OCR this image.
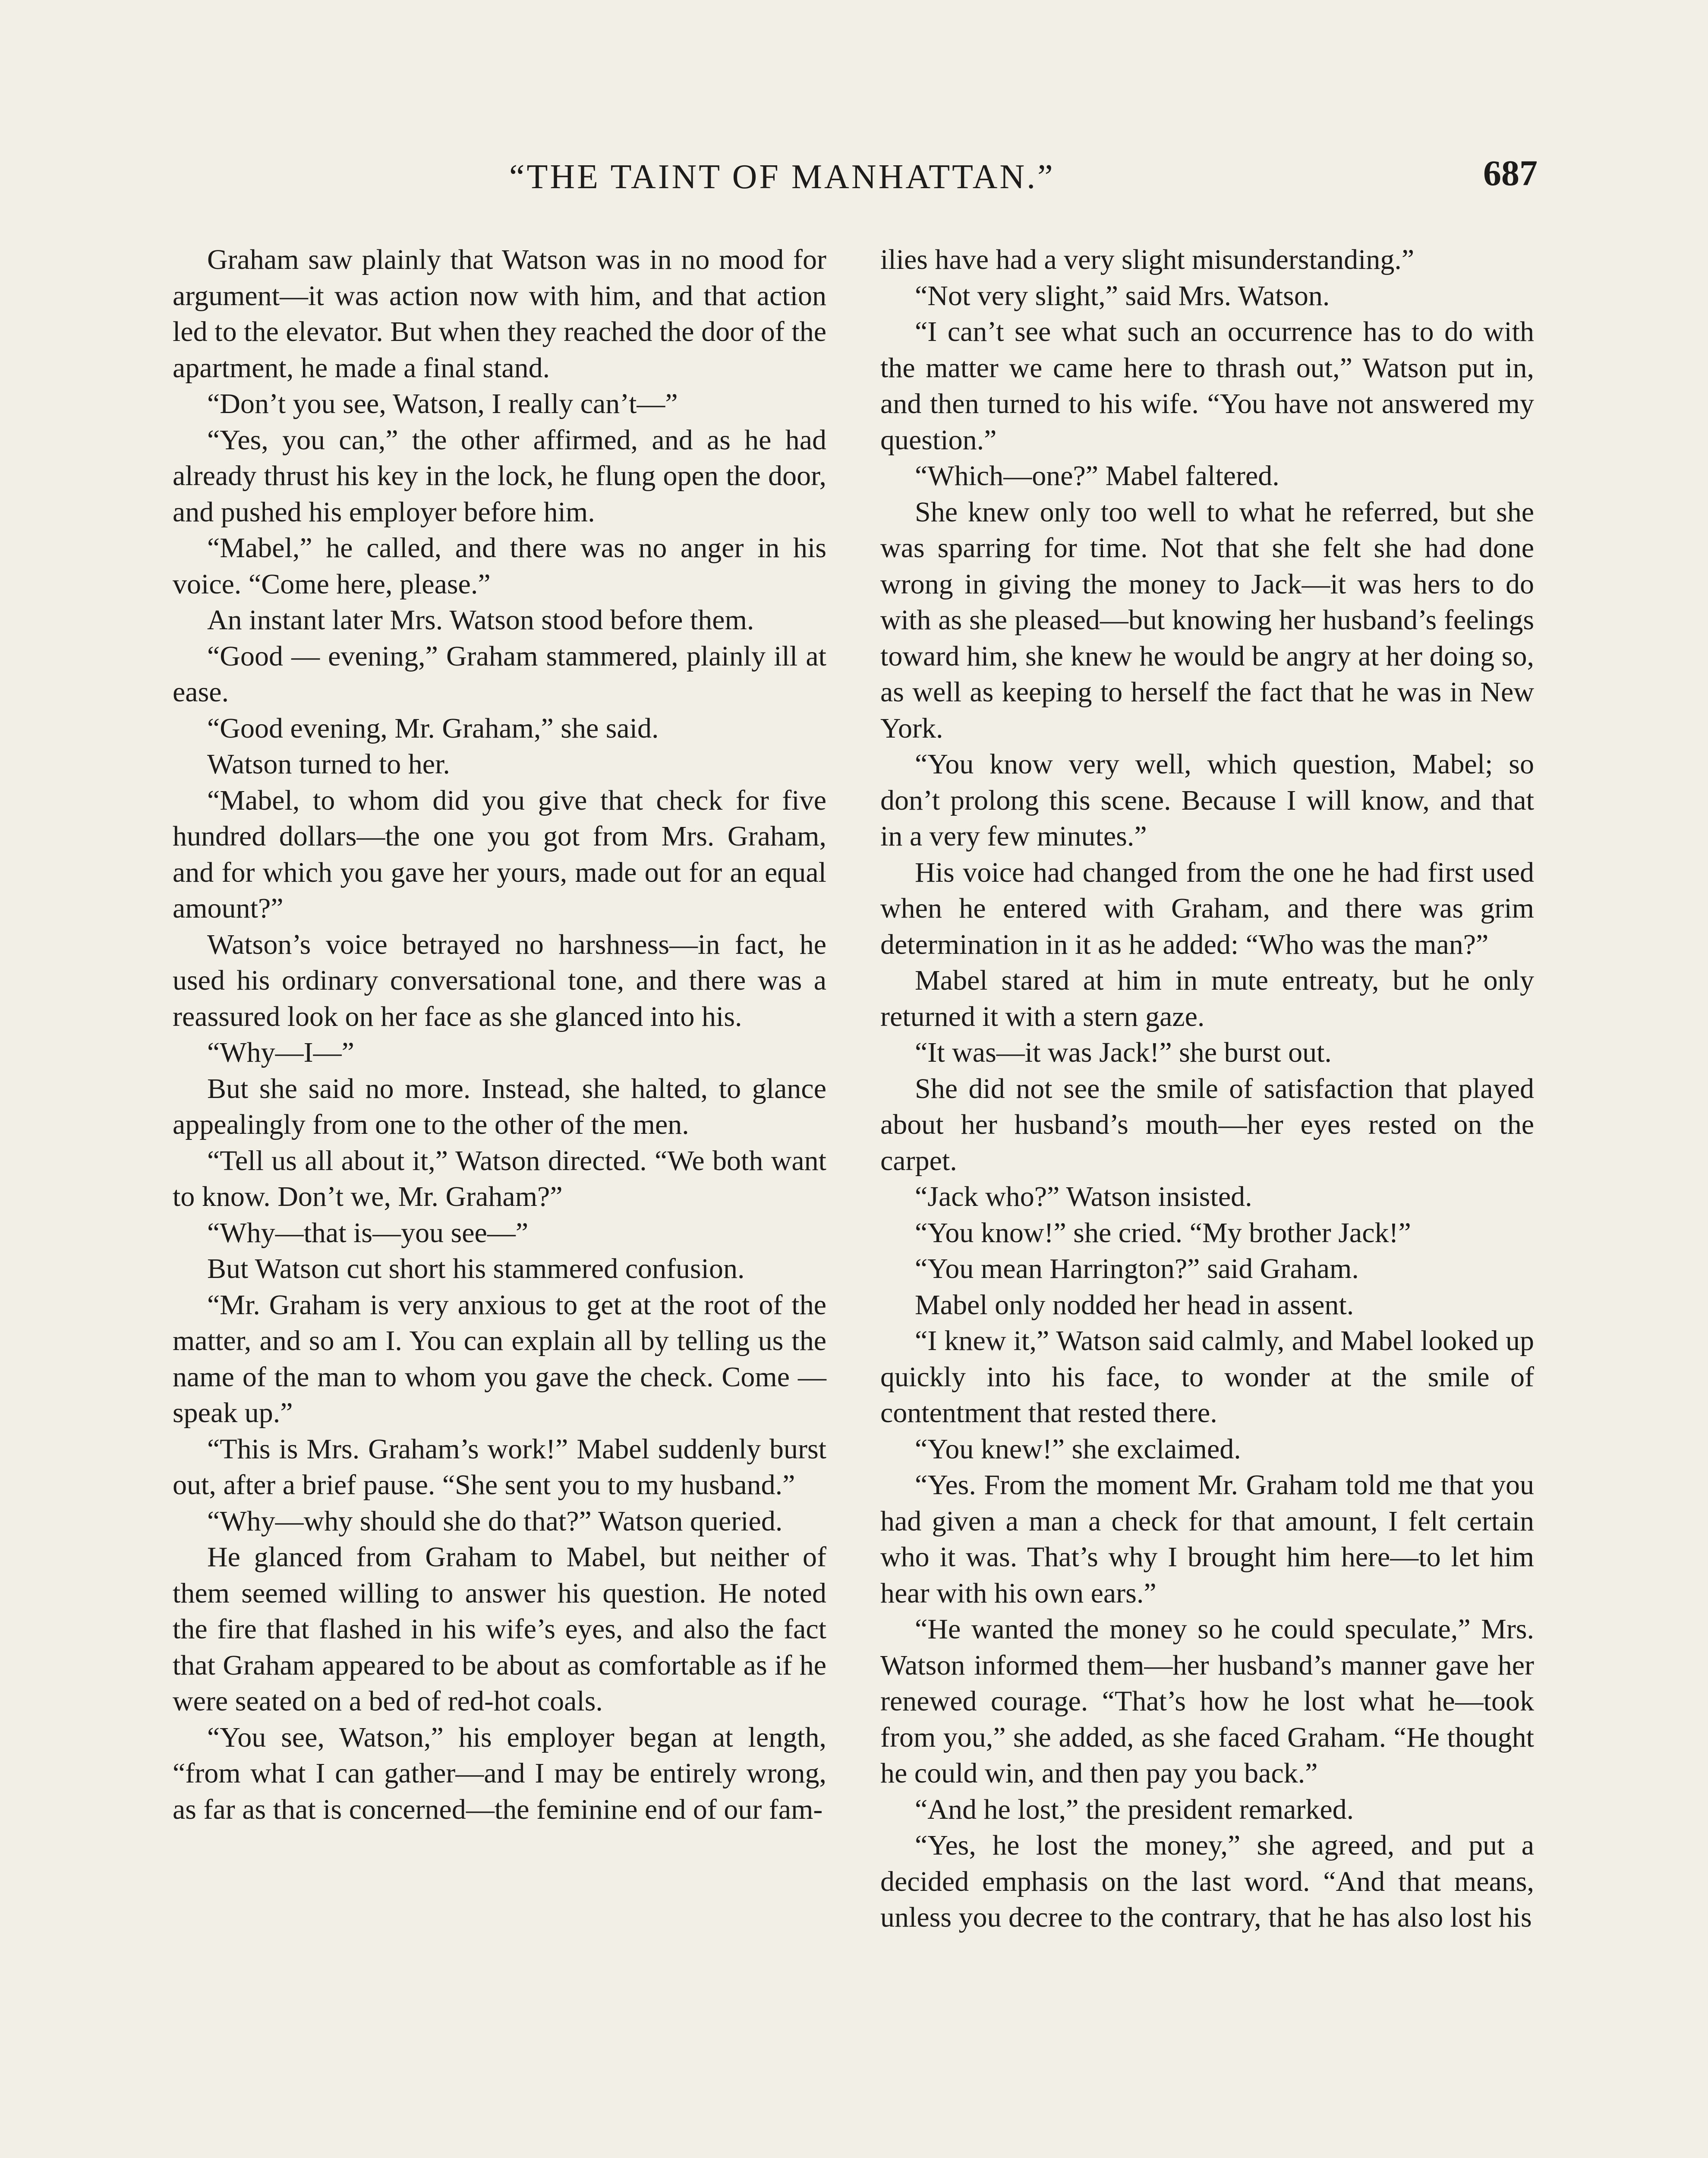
“THE TAINT OF MANHATTAN.”	687

Graham saw plainly that Watson was in no mood for argument—it was action now with him, and that action led to the elevator. But when they reached the door of the apartment, he made a final stand.

“Don’t you see, Watson, I really can’t—”

“Yes, you can,” the other affirmed, and as he had already thrust his key in the lock, he flung open the door, and pushed his employer before him.

“Mabel,” he called, and there was no anger in his voice. “Come here, please.”

An instant later Mrs. Watson stood before them.

“Good — evening,” Graham stammered, plainly ill at ease.

“Good evening, Mr. Graham,” she said.

Watson turned to her.

“Mabel, to whom did you give that check for five hundred dollars—the one you got from Mrs. Graham, and for which you gave her yours, made out for an equal amount?”

Watson’s voice betrayed no harshness—in fact, he used his ordinary conversational tone, and there was a reassured look on her face as she glanced into his.

“Why—I—”

But she said no more. Instead, she halted, to glance appealingly from one to the other of the men.

“Tell us all about it,” Watson directed. “We both want to know. Don’t we, Mr. Graham?”

“Why—that is—you see—”

But Watson cut short his stammered confusion.

“Mr. Graham is very anxious to get at the root of the matter, and so am I. You can explain all by telling us the name of the man to whom you gave the check. Come —speak up.”

“This is Mrs. Graham’s work!” Mabel suddenly burst out, after a brief pause. “She sent you to my husband.”

“Why—why should she do that?” Watson queried.

He glanced from Graham to Mabel, but neither of them seemed willing to answer his question. He noted the fire that flashed in his wife’s eyes, and also the fact that Graham appeared to be about as comfortable as if he were seated on a bed of red-hot coals.

“You see, Watson,” his employer began at length, “from what I can gather—and I may be entirely wrong, as far as that is concerned—the feminine end of our fam-

ilies have had a very slight misunderstanding.”

“Not very slight,” said Mrs. Watson.

“I can’t see what such an occurrence has to do with the matter we came here to thrash out,” Watson put in, and then turned to his wife. “You have not answered my question.”

“Which—one?” Mabel faltered.

She knew only too well to what he referred, but she was sparring for time. Not that she felt she had done wrong in giving the money to Jack—it was hers to do with as she pleased—but knowing her husband’s feelings toward him, she knew he would be angry at her doing so, as well as keeping to herself the fact that he was in New York.

“You know very well, which question, Mabel; so don’t prolong this scene. Because I will know, and that in a very few minutes.”

His voice had changed from the one he had first used when he entered with Graham, and there was grim determination in it as he added: “Who was the man?”

Mabel stared at him in mute entreaty, but he only returned it with a stern gaze.

“It was—it was Jack!” she burst out.

She did not see the smile of satisfaction that played about her husband’s mouth—her eyes rested on the carpet.

“Jack who?” Watson insisted.

“You know!” she cried. “My brother Jack!”

“You mean Harrington?” said Graham.

Mabel only nodded her head in assent.

“I knew it,” Watson said calmly, and Mabel looked up quickly into his face, to wonder at the smile of contentment that rested there.

“You knew!” she exclaimed.

“Yes. From the moment Mr. Graham told me that you had given a man a check for that amount, I felt certain who it was. That’s why I brought him here—to let him hear with his own ears.”

“He wanted the money so he could speculate,” Mrs. Watson informed them—her husband’s manner gave her renewed courage. “That’s how he lost what he—took from you,” she added, as she faced Graham. “He thought he could win, and then pay you back.”

“And he lost,” the president remarked.

“Yes, he lost the money,” she agreed, and put a decided emphasis on the last word. “And that means, unless you decree to the contrary, that he has also lost his
